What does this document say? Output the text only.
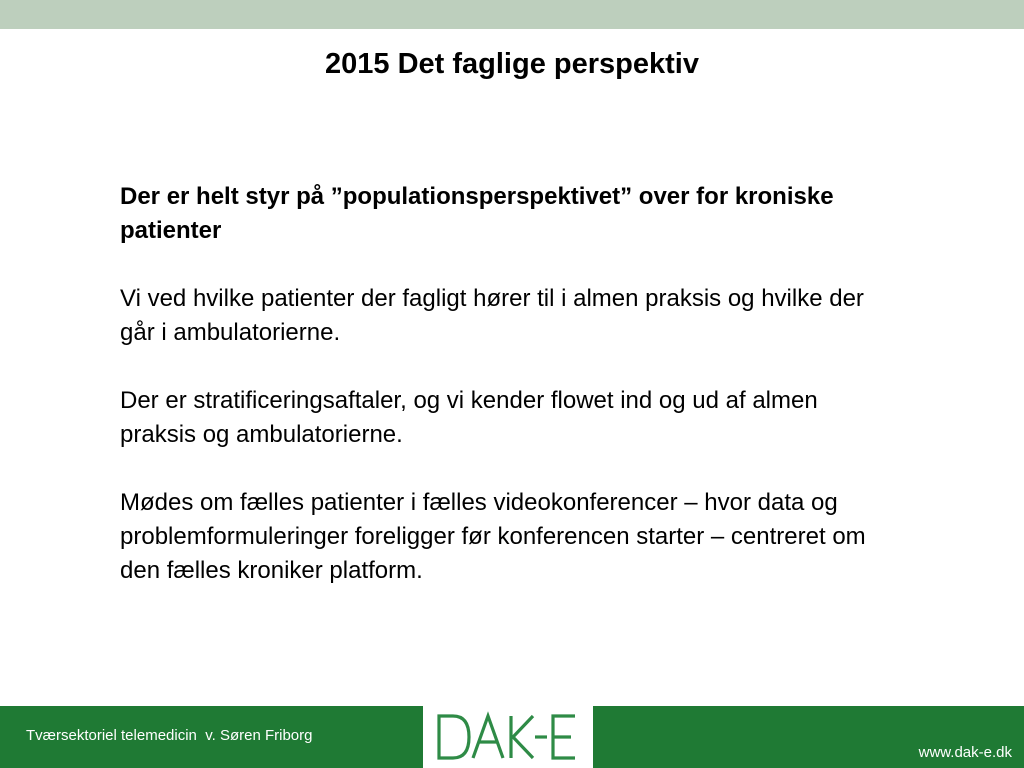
2015 Det faglige perspektiv

Der er helt styr på ”populationsperspektivet” over for kroniske patienter

Vi ved hvilke patienter der fagligt hører til i almen praksis og hvilke der går i ambulatorierne.

Der er stratificeringsaftaler, og vi kender flowet ind og ud af almen praksis og ambulatorierne.

Mødes om fælles patienter i fælles videokonferencer – hvor data og problemformuleringer foreligger før konferencen starter – centreret om den fælles kroniker platform.

Tværsektoriel telemedicin  v. Søren Friborg
www.dak-e.dk
